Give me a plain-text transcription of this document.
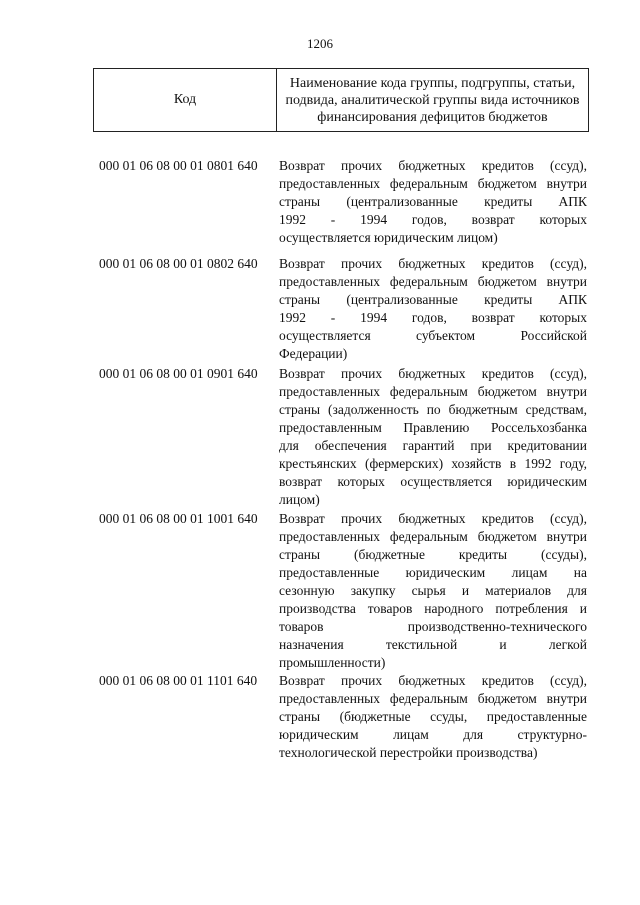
1206
Код
Наименование кода группы, подгруппы, статьи,
подвида, аналитической группы вида источников
финансирования дефицитов бюджетов
000 01 06 08 00 01 0801 640 Возврат прочих бюджетных кредитов (ссуд),
предоставленных федеральным бюджетом внутри
страны (централизованные кредиты АПК
1992 - 1994 годов, возврат которых
осуществляется юридическим лицом)
000 01 06 08 00 01 0802 640 Возврат прочих бюджетных кредитов (ссуд),
предоставленных федеральным бюджетом внутри
страны (централизованные кредиты АПК
1992 - 1994 годов, возврат которых
осуществляется субъектом Российской
Федерации)
000 01 06 08 00 01 0901 640 Возврат прочих бюджетных кредитов (ссуд),
предоставленных федеральным бюджетом внутри
страны (задолженность по бюджетным средствам,
предоставленным Правлению Россельхозбанка
для обеспечения гарантий при кредитовании
крестьянских (фермерских) хозяйств в 1992 году,
возврат которых осуществляется юридическим
лицом)
000 01 06 08 00 01 1001 640 Возврат прочих бюджетных кредитов (ссуд),
предоставленных федеральным бюджетом внутри
страны (бюджетные кредиты (ссуды),
предоставленные юридическим лицам на
сезонную закупку сырья и материалов для
производства товаров народного потребления и
товаров производственно-технического
назначения текстильной и легкой
промышленности)
000 01 06 08 00 01 1101 640 Возврат прочих бюджетных кредитов (ссуд),
предоставленных федеральным бюджетом внутри
страны (бюджетные ссуды, предоставленные
юридическим лицам для структурно-
технологической перестройки производства)
